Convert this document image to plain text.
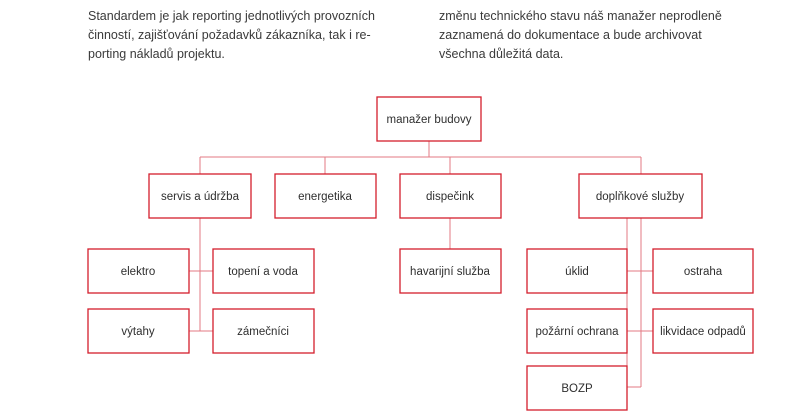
Standardem je jak reporting jednotlivých provozních
činností, zajišťování požadavků zákazníka, tak i re-
porting nákladů projektu.
změnu technického stavu náš manažer neprodleně
zaznamená do dokumentace a bude archivovat
všechna důležitá data.
manažer budovy
servis a údržba	energetika	dispečink	doplňkové služby
elektro	topení a voda
výtahy	zámečníci
havarijní služba	úklid	ostraha
požární ochrana	likvidace odpadů
BOZP
